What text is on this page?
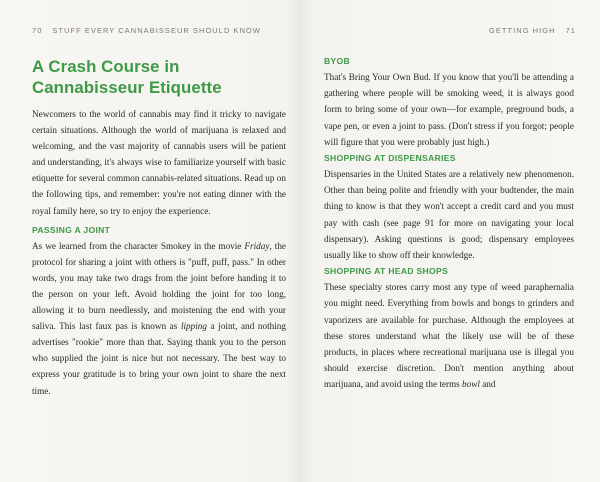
70 STUFF EVERY CANNABISSEUR SHOULD KNOW
A Crash Course in
Cannabisseur Etiquette

Newcomers to the world of cannabis may find it tricky to navigate certain situations. Although the world of marijuana is relaxed and welcoming, and the vast majority of cannabis users will be patient and understanding, it's always wise to familiarize yourself with basic etiquette for several common cannabis-related situations. Read up on the following tips, and remember: you're not eating dinner with the royal family here, so try to enjoy the experience.

PASSING A JOINT

As we learned from the character Smokey in the movie Friday, the protocol for sharing a joint with others is "puff, puff, pass." In other words, you may take two drags from the joint before handing it to the person on your left. Avoid holding the joint for too long, allowing it to burn needlessly, and moistening the end with your saliva. This last faux pas is known as lipping a joint, and nothing advertises "rookie" more than that. Saying thank you to the person who supplied the joint is nice but not necessary. The best way to express your gratitude is to bring your own joint to share the next time.

GETTING HIGH 71
BYOB

That's Bring Your Own Bud. If you know that you'll be attending a gathering where people will be smoking weed, it is always good form to bring some of your own—for example, preground buds, a vape pen, or even a joint to pass. (Don't stress if you forgot; people will figure that you were probably just high.)

SHOPPING AT DISPENSARIES

Dispensaries in the United States are a relatively new phenomenon. Other than being polite and friendly with your budtender, the main thing to know is that they won't accept a credit card and you must pay with cash (see page 91 for more on navigating your local dispensary). Asking questions is good; dispensary employees usually like to show off their knowledge.

SHOPPING AT HEAD SHOPS

These specialty stores carry most any type of weed paraphernalia you might need. Everything from bowls and bongs to grinders and vaporizers are available for purchase. Although the employees at these stores understand what the likely use will be of these products, in places where recreational marijuana use is illegal you should exercise discretion. Don't mention anything about marijuana, and avoid using the terms bowl and
